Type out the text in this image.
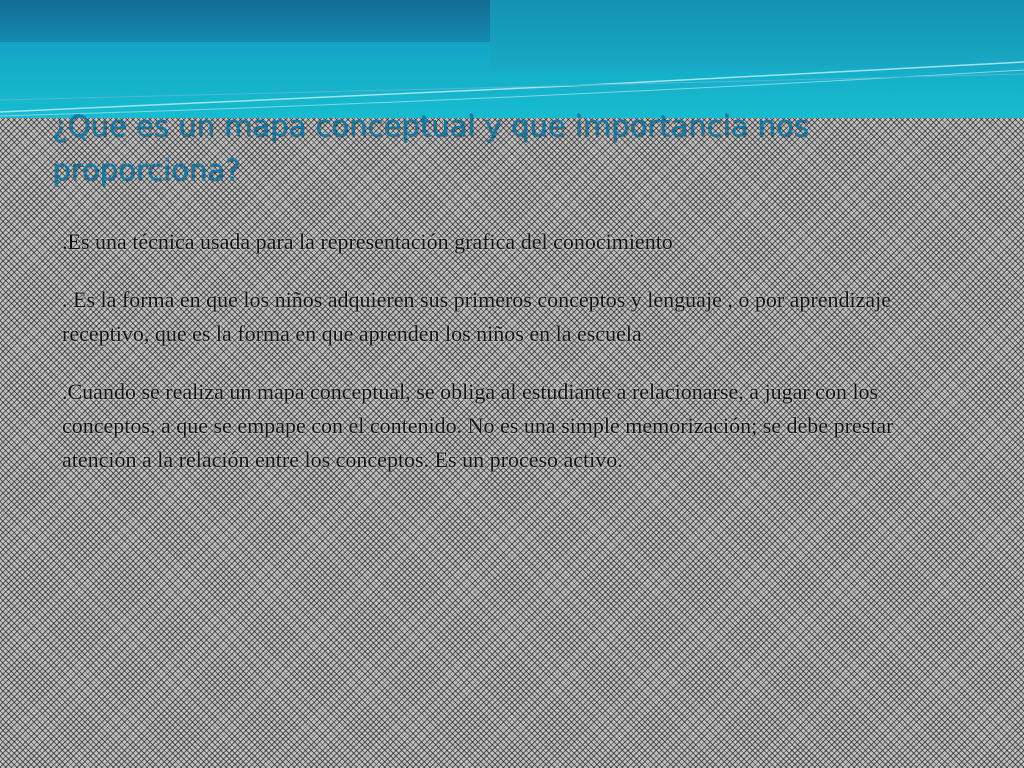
¿Que es un mapa conceptual y que importancia nos proporciona?

.Es una técnica usada para la representación grafica del conocimiento

. Es la forma en que los niños adquieren sus primeros conceptos y lenguaje , o por aprendizaje receptivo, que es la forma en que aprenden los niños en la escuela

.Cuando se realiza un mapa conceptual, se obliga al estudiante a relacionarse, a jugar con los conceptos, a que se empape con el contenido. No es una simple memorización; se debe prestar atención a la relación entre los conceptos. Es un proceso activo.
